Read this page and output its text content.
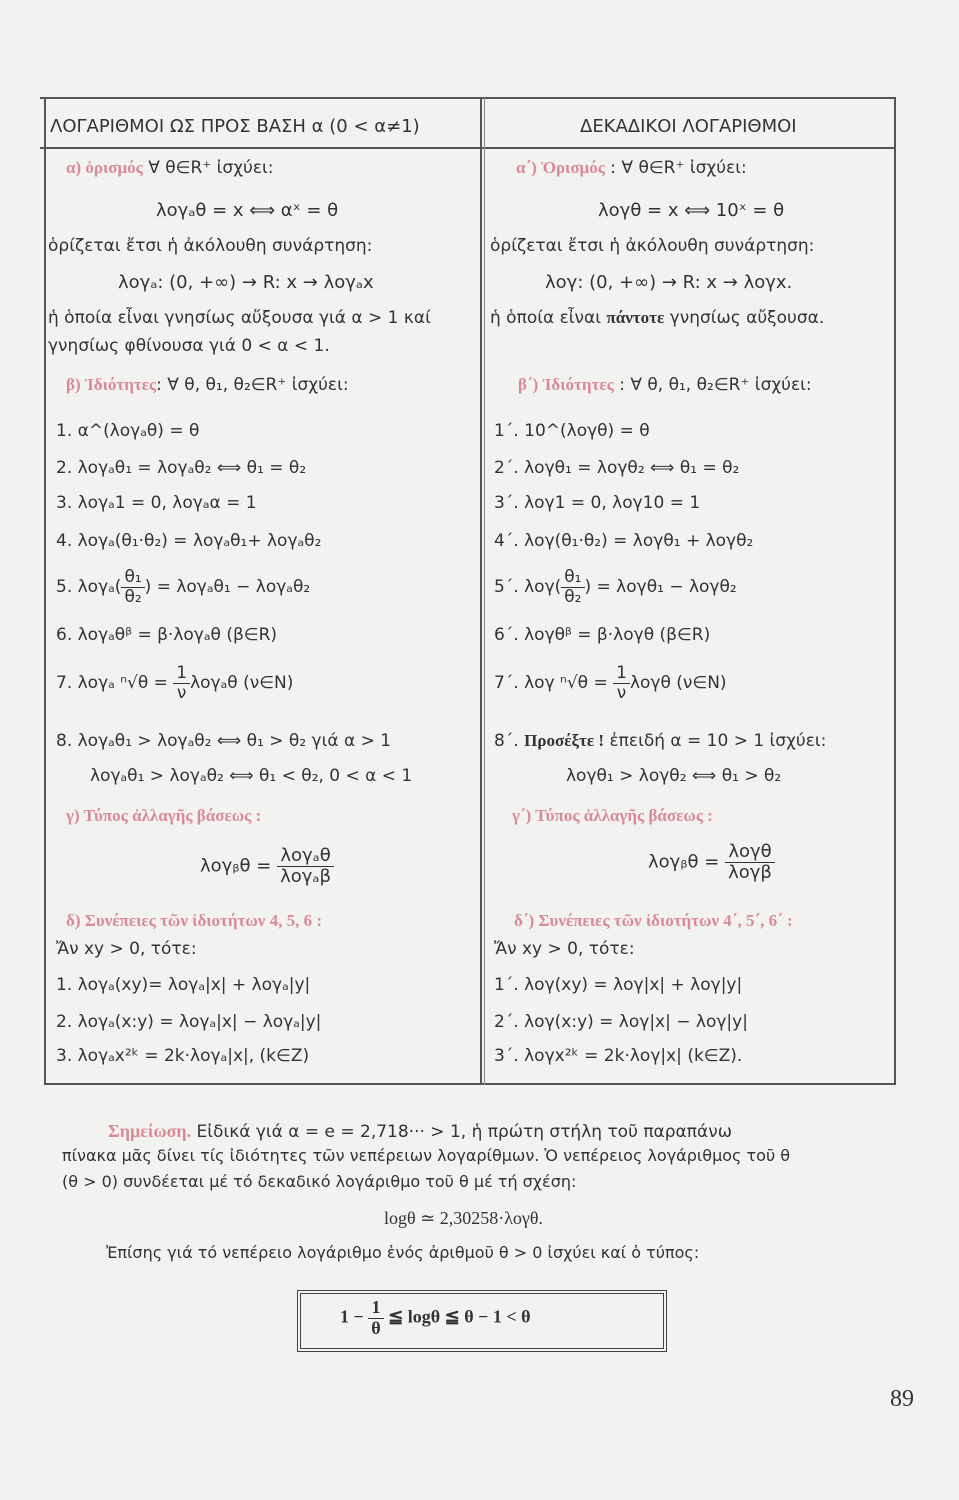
ΛΟΓΑΡΙΘΜΟΙ ΩΣ ΠΡΟΣ ΒΑΣΗ α (0 < α≠1)
α) ὁρισμός ∀ θ∈R⁺ ἰσχύει:
λογₐθ = x ⟺ αˣ = θ
ὁρίζεται ἔτσι ἡ ἀκόλουθη συνάρτηση:
λογₐ: (0, +∞) → R: x → λογₐx
ἡ ὁποία εἶναι γνησίως αὔξουσα γιά α > 1 καί
γνησίως φθίνουσα γιά 0 < α < 1.
β) Ἰδιότητες: ∀ θ, θ₁, θ₂∈R⁺ ἰσχύει:
1. α^(λογₐθ) = θ
2. λογₐθ₁ = λογₐθ₂ ⟺ θ₁ = θ₂
3. λογₐ1 = 0, λογₐα = 1
4. λογₐ(θ₁·θ₂) = λογₐθ₁+ λογₐθ₂
5. $\lambda o\gamma_a( \frac{\text{θ₁}}{\text{θ₂}}$ ) = λογₐθ₁ − λογₐθ₂
6. λογₐθᵝ = β·λογₐθ (β∈R)
7. λογₐ $^n√\theta = \frac{1}{\nu}$ λογₐθ (ν∈N)
8. λογₐθ₁ > λογₐθ₂ ⟺ θ₁ > θ₂ γιά α > 1
λογₐθ₁ > λογₐθ₂ ⟺ θ₁ < θ₂, 0 < α < 1
γ) Τύπος ἀλλαγῆς βάσεως :
λογᵦθ = $\frac{\text{λογₐθ}}{\text{λογₐβ}}$
δ) Συνέπειες τῶν ἰδιοτήτων 4, 5, 6 :
Ἄν xy > 0, τότε:
1. λογₐ(xy)= λογₐ|x| + λογₐ|y|
2. λογₐ(x:y) = λογₐ|x| − λογₐ|y|
3. λογₐx²ᵏ = 2k·λογₐ|x|, (k∈Z)
ΔΕΚΑΔΙΚΟΙ ΛΟΓΑΡΙΘΜΟΙ
α΄) Ὁρισμός : ∀ θ∈R⁺ ἰσχύει:
λογθ = x ⟺ 10ˣ = θ
ὁρίζεται ἔτσι ἡ ἀκόλουθη συνάρτηση:
λογ: (0, +∞) → R: x → λογx.
ἡ ὁποία εἶναι πάντοτε γνησίως αὔξουσα.
β΄) Ἰδιότητες : ∀ θ, θ₁, θ₂∈R⁺ ἰσχύει:
1΄. 10^(λογθ) = θ
2΄. λογθ₁ = λογθ₂ ⟺ θ₁ = θ₂
3΄. λογ1 = 0, λογ10 = 1
4΄. λογ(θ₁·θ₂) = λογθ₁ + λογθ₂
5΄. $\lambda o\gamma( \frac{\text{θ₁}}{\text{θ₂}}$ ) = λογθ₁ − λογθ₂
6΄. λογθᵝ = β·λογθ (β∈R)
7΄. λογ $^n√\theta = \frac{1}{\nu}$ λογθ (ν∈N)
8΄. Προσέξτε ! ἐπειδή α = 10 > 1 ἰσχύει:
λογθ₁ > λογθ₂ ⟺ θ₁ > θ₂
γ΄) Τύπος ἀλλαγῆς βάσεως :
λογᵦθ = $\frac{\text{λογθ}}{\text{λογβ}}$
δ΄) Συνέπειες τῶν ἰδιοτήτων 4΄, 5΄, 6΄ :
Ἄν xy > 0, τότε:
1΄. λογ(xy) = λογ|x| + λογ|y|
2΄. λογ(x:y) = λογ|x| − λογ|y|
3΄. λογx²ᵏ = 2k·λογ|x| (k∈Z).
Σημείωση. Εἰδικά γιά α = e = 2,718··· > 1, ἡ πρώτη στήλη τοῦ παραπάνω
πίνακα μᾶς δίνει τίς ἰδιότητες τῶν νεπέρειων λογαρίθμων. Ὁ νεπέρειος λογάριθμος τοῦ θ
(θ > 0) συνδέεται μέ τό δεκαδικό λογάριθμο τοῦ θ μέ τή σχέση:
logθ ≃ 2,30258·λογθ.
Ἐπίσης γιά τό νεπέρειο λογάριθμο ἑνός ἀριθμοῦ θ > 0 ἰσχύει καί ὁ τύπος:
$1 - \frac{1}{\theta}$ ≦ logθ ≦ θ − 1 < θ
89
